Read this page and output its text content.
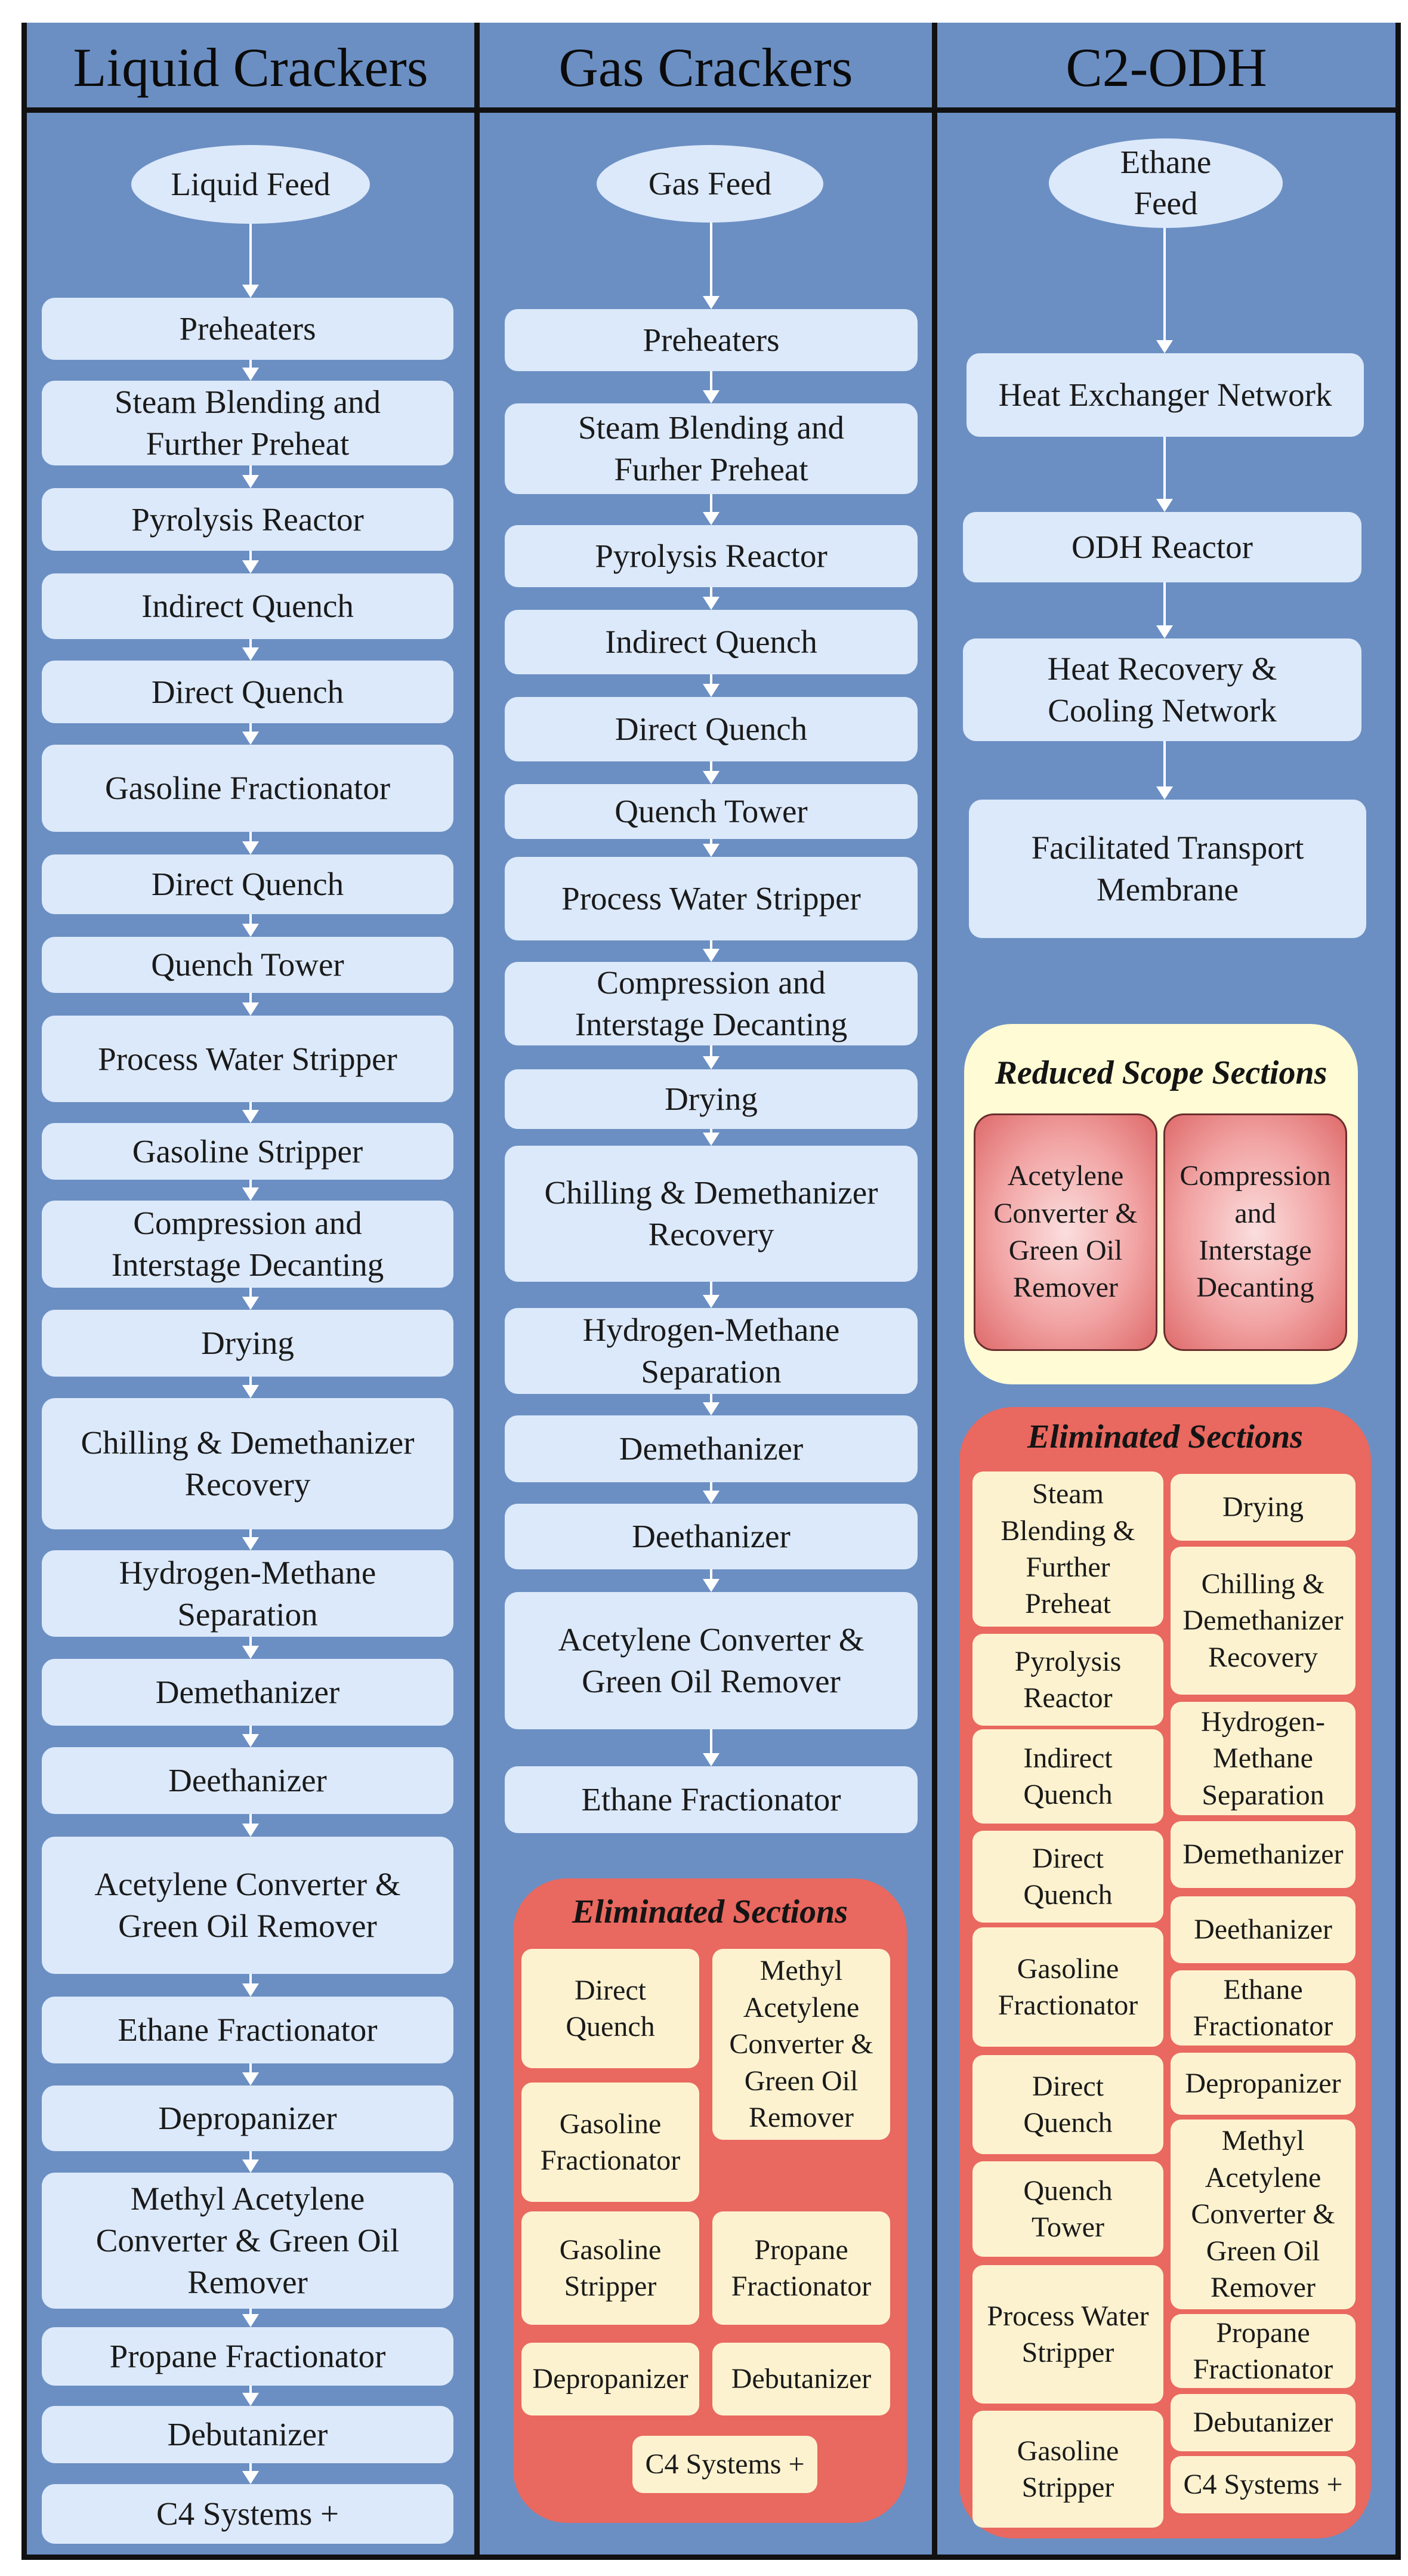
Liquid Crackers	Gas Crackers	C2-ODH
Liquid Feed
Preheaters
Steam Blending and
Further Preheat
Pyrolysis Reactor
Indirect Quench
Direct Quench
Gasoline Fractionator
Direct Quench
Quench Tower
Process Water Stripper
Gasoline Stripper
Compression and
Interstage Decanting
Drying
Chilling & Demethanizer
Recovery
Hydrogen-Methane
Separation
Demethanizer
Deethanizer
Acetylene Converter &
Green Oil Remover
Ethane Fractionator
Depropanizer
Methyl Acetylene
Converter & Green Oil
Remover
Propane Fractionator
Debutanizer
C4 Systems +
Gas Feed
Preheaters
Steam Blending and
Furher Preheat
Pyrolysis Reactor
Indirect Quench
Direct Quench
Quench Tower
Process Water Stripper
Compression and
Interstage Decanting
Drying
Chilling & Demethanizer
Recovery
Hydrogen-Methane
Separation
Demethanizer
Deethanizer
Acetylene Converter &
Green Oil Remover
Ethane Fractionator
Eliminated Sections
Direct
Quench
Methyl
Acetylene
Converter &
Green Oil
Remover
Gasoline
Fractionator
Gasoline
Stripper
Propane
Fractionator
Depropanizer	Debutanizer
C4 Systems +
Ethane
Feed
Heat Exchanger Network
ODH Reactor
Heat Recovery &
Cooling Network
Facilitated Transport
Membrane
Reduced Scope Sections
Acetylene
Converter &
Green Oil
Remover
Compression
and
Interstage
Decanting
Eliminated Sections
Steam
Blending &
Further
Preheat
Pyrolysis
Reactor
Indirect
Quench
Direct
Quench
Gasoline
Fractionator
Direct
Quench
Quench
Tower
Process Water
Stripper
Gasoline
Stripper
Drying
Chilling &
Demethanizer
Recovery
Hydrogen-
Methane
Separation
Demethanizer
Deethanizer
Ethane
Fractionator
Depropanizer
Methyl
Acetylene
Converter &
Green Oil
Remover
Propane
Fractionator
Debutanizer
C4 Systems +
